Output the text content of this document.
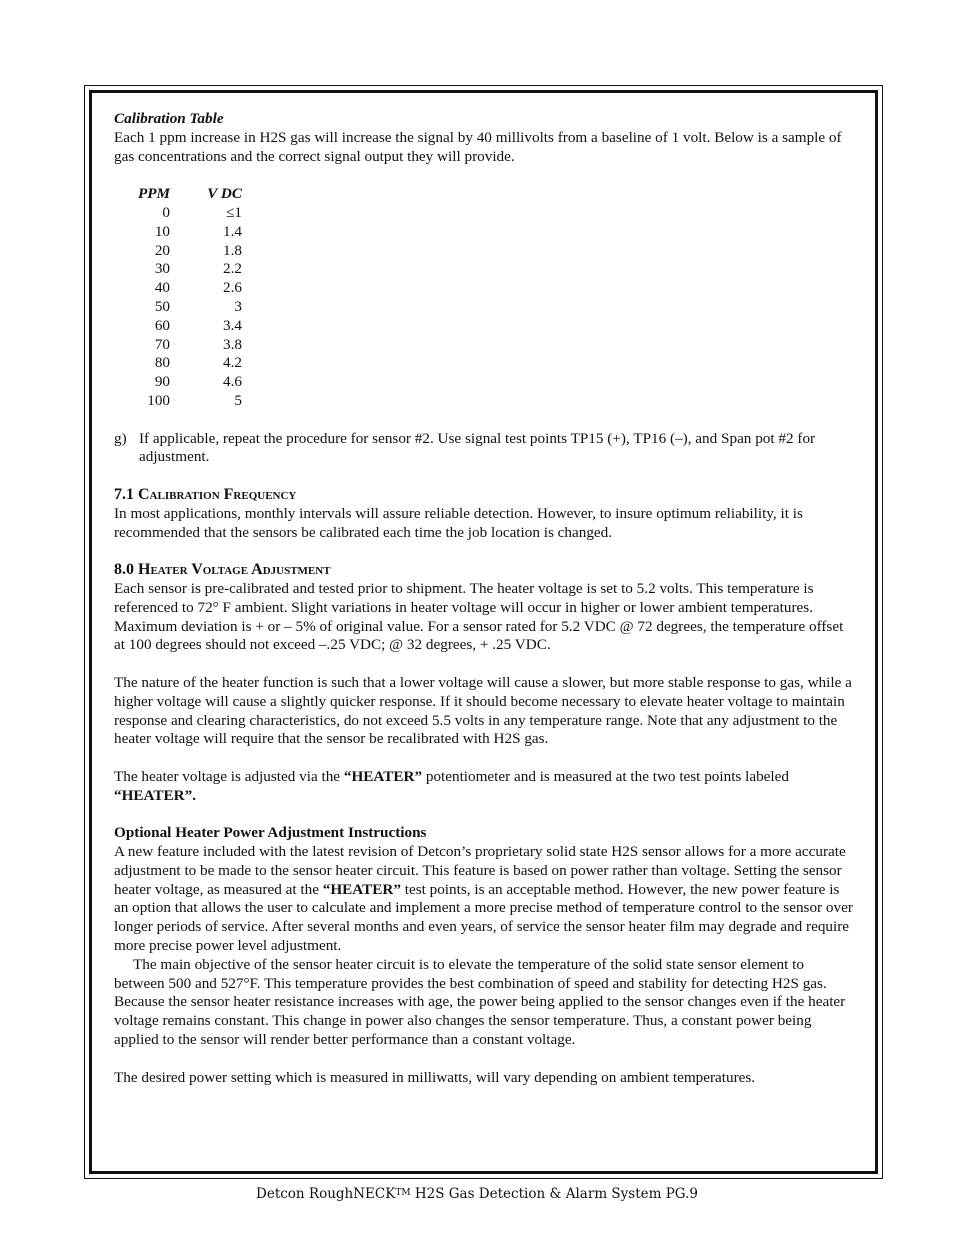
Calibration Table

Each 1 ppm increase in H2S gas will increase the signal by 40 millivolts from a baseline of 1 volt. Below is a sample of gas concentrations and the correct signal output they will provide.

PPM	V DC
0	≤1
10	1.4
20	1.8
30	2.2
40	2.6
50	3
60	3.4
70	3.8
80	4.2
90	4.6
100	5
g) If applicable, repeat the procedure for sensor #2. Use signal test points TP15 (+), TP16 (–), and Span pot #2 for adjustment.

7.1 Calibration Frequency

In most applications, monthly intervals will assure reliable detection. However, to insure optimum reliability, it is recommended that the sensors be calibrated each time the job location is changed.

8.0 Heater Voltage Adjustment

Each sensor is pre-calibrated and tested prior to shipment. The heater voltage is set to 5.2 volts. This temperature is referenced to 72° F ambient. Slight variations in heater voltage will occur in higher or lower ambient temperatures. Maximum deviation is + or – 5% of original value. For a sensor rated for 5.2 VDC @ 72 degrees, the temperature offset at 100 degrees should not exceed –.25 VDC; @ 32 degrees, + .25 VDC.

The nature of the heater function is such that a lower voltage will cause a slower, but more stable response to gas, while a higher voltage will cause a slightly quicker response. If it should become necessary to elevate heater voltage to maintain response and clearing characteristics, do not exceed 5.5 volts in any temperature range. Note that any adjustment to the heater voltage will require that the sensor be recalibrated with H2S gas.

The heater voltage is adjusted via the “HEATER” potentiometer and is measured at the two test points labeled “HEATER”.

Optional Heater Power Adjustment Instructions

A new feature included with the latest revision of Detcon’s proprietary solid state H2S sensor allows for a more accurate adjustment to be made to the sensor heater circuit. This feature is based on power rather than voltage. Setting the sensor heater voltage, as measured at the “HEATER” test points, is an acceptable method. However, the new power feature is an option that allows the user to calculate and implement a more precise method of temperature control to the sensor over longer periods of service. After several months and even years, of service the sensor heater film may degrade and require more precise power level adjustment.

The main objective of the sensor heater circuit is to elevate the temperature of the solid state sensor element to between 500 and 527°F. This temperature provides the best combination of speed and stability for detecting H2S gas. Because the sensor heater resistance increases with age, the power being applied to the sensor changes even if the heater voltage remains constant. This change in power also changes the sensor temperature. Thus, a constant power being applied to the sensor will render better performance than a constant voltage.

The desired power setting which is measured in milliwatts, will vary depending on ambient temperatures.

Detcon RoughNECK™ H2S Gas Detection & Alarm System PG.9
